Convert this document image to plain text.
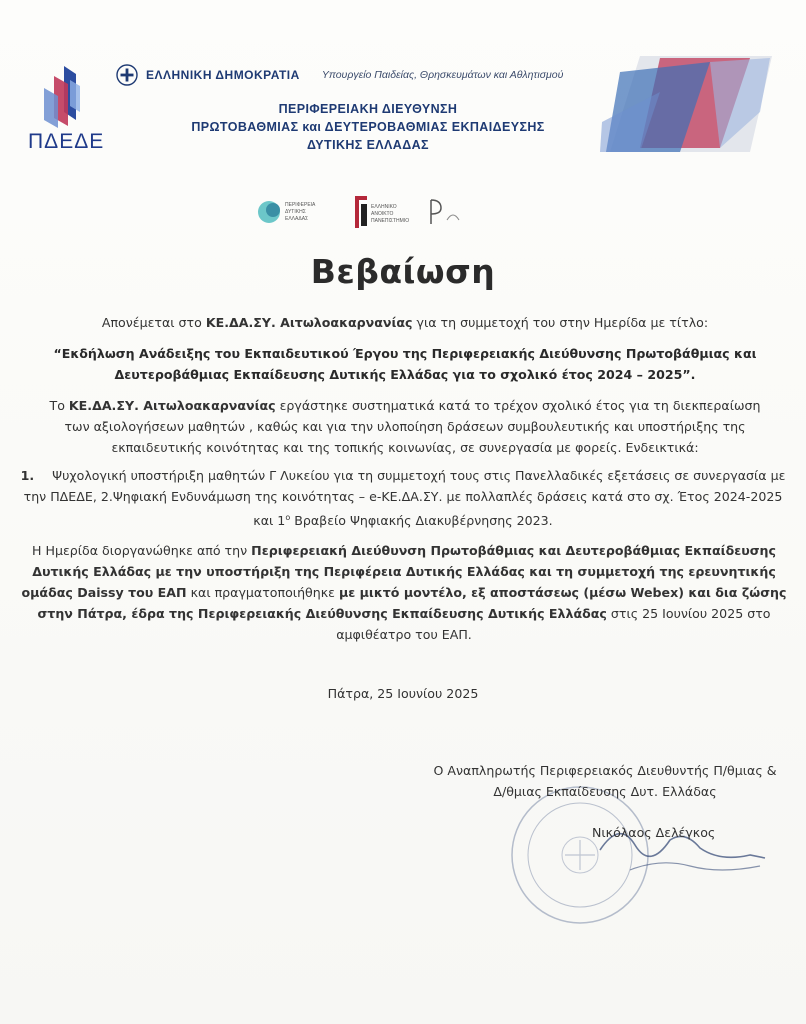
ΠΔΕΔΕ
ΕΛΛΗΝΙΚΗ ΔΗΜΟΚΡΑΤΙΑ Υπουργείο Παιδείας, Θρησκευμάτων και Αθλητισμού
ΠΕΡΙΦΕΡΕΙΑΚΗ ΔΙΕΥΘΥΝΣΗ
ΠΡΩΤΟΒΑΘΜΙΑΣ και ΔΕΥΤΕΡΟΒΑΘΜΙΑΣ ΕΚΠΑΙΔΕΥΣΗΣ
ΔΥΤΙΚΗΣ ΕΛΛΑΔΑΣ
ΠΕΡΙΦΕΡΕΙΑ
ΔΥΤΙΚΗΣ
ΕΛΛΑΔΑΣ
ΕΛΛΗΝΙΚΟ
ΑΝΟΙΚΤΟ
ΠΑΝΕΠΙΣΤΗΜΙΟ
Βεβαίωση
Απονέμεται στο ΚΕ.ΔΑ.ΣΥ. Αιτωλοακαρνανίας για τη συμμετοχή του στην Ημερίδα με τίτλο:
“Εκδήλωση Ανάδειξης του Εκπαιδευτικού Έργου της Περιφερειακής Διεύθυνσης Πρωτοβάθμιας και Δευτεροβάθμιας Εκπαίδευσης Δυτικής Ελλάδας για το σχολικό έτος 2024 – 2025”.
Το ΚΕ.ΔΑ.ΣΥ. Αιτωλοακαρνανίας εργάστηκε συστηματικά κατά το τρέχον σχολικό έτος για τη διεκπεραίωση των αξιολογήσεων μαθητών , καθώς και για την υλοποίηση δράσεων συμβουλευτικής και υποστήριξης της εκπαιδευτικής κοινότητας και της τοπικής κοινωνίας, σε συνεργασία με φορείς. Ενδεικτικά:
1. Ψυχολογική υποστήριξη μαθητών Γ Λυκείου για τη συμμετοχή τους στις Πανελλαδικές εξετάσεις σε συνεργασία με την ΠΔΕΔΕ, 2.Ψηφιακή Ενδυνάμωση της κοινότητας – e-ΚΕ.ΔΑ.ΣΥ. με πολλαπλές δράσεις κατά στο σχ. Έτος 2024-2025 και $1^o$ Βραβείο Ψηφιακής Διακυβέρνησης 2023.
Η Ημερίδα διοργανώθηκε από την Περιφερειακή Διεύθυνση Πρωτοβάθμιας και Δευτεροβάθμιας Εκπαίδευσης Δυτικής Ελλάδας με την υποστήριξη της Περιφέρεια Δυτικής Ελλάδας και τη συμμετοχή της ερευνητικής ομάδας Daissy του ΕΑΠ και πραγματοποιήθηκε με μικτό μοντέλο, εξ αποστάσεως (μέσω Webex) και δια ζώσης στην Πάτρα, έδρα της Περιφερειακής Διεύθυνσης Εκπαίδευσης Δυτικής Ελλάδας στις 25 Ιουνίου 2025 στο αμφιθέατρο του ΕΑΠ.
Πάτρα, 25 Ιουνίου 2025
Ο Αναπληρωτής Περιφερειακός Διευθυντής Π/θμιας &
Δ/θμιας Εκπαίδευσης Δυτ. Ελλάδας
Νικόλαος Δελέγκος
